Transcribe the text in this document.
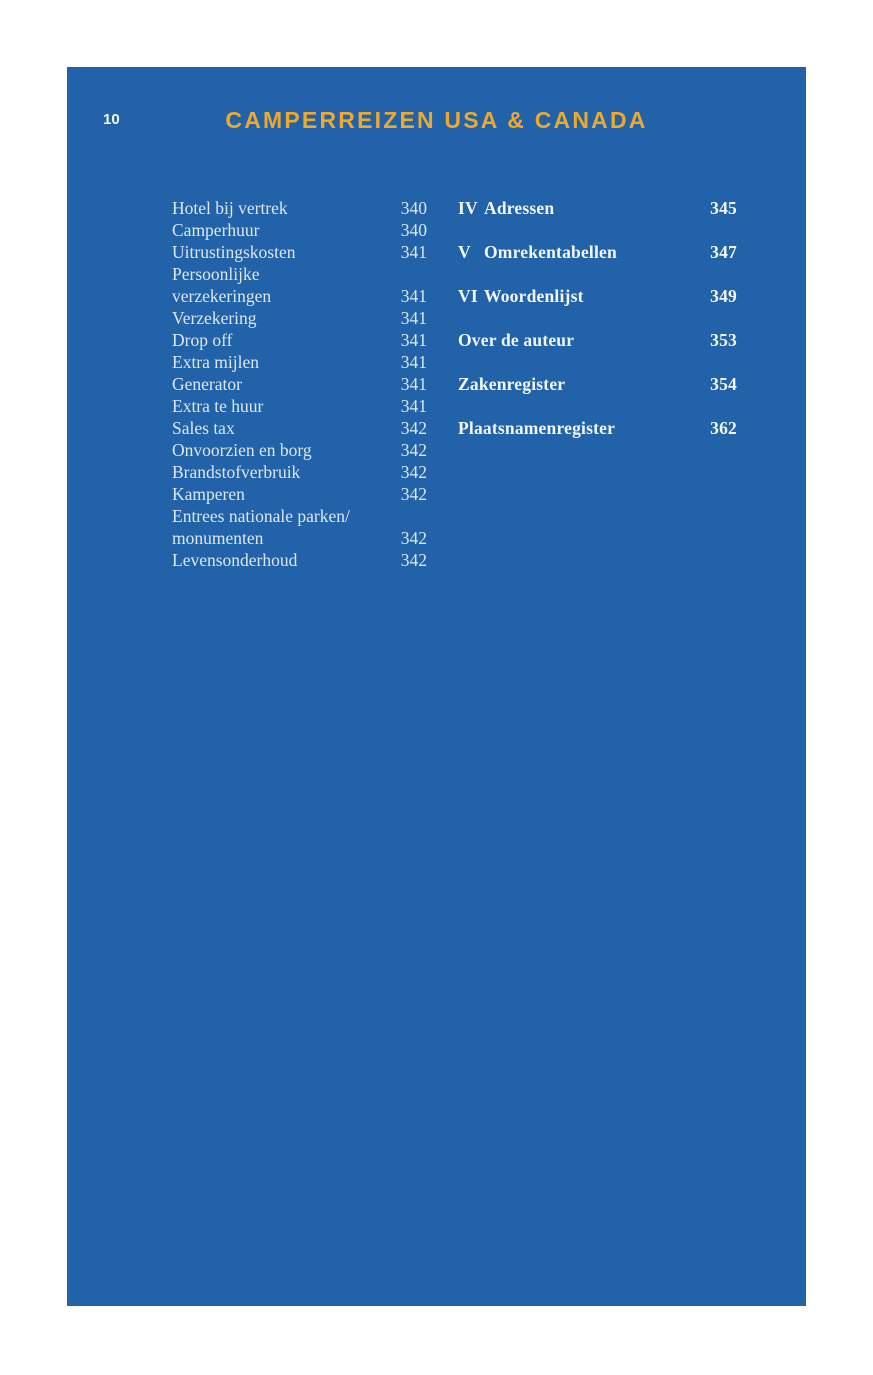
10	CAMPERREIZEN USA & CANADA
Hotel bij vertrek	340
Camperhuur	340
Uitrustingskosten	341
Persoonlijke
verzekeringen	341
Verzekering	341
Drop off	341
Extra mijlen	341
Generator	341
Extra te huur	341
Sales tax	342
Onvoorzien en borg	342
Brandstofverbruik	342
Kamperen	342
Entrees nationale parken/
monumenten	342
Levensonderhoud	342
IV Adressen	345
V Omrekentabellen	347
VI Woordenlijst	349
Over de auteur	353
Zakenregister	354
Plaatsnamenregister	362
